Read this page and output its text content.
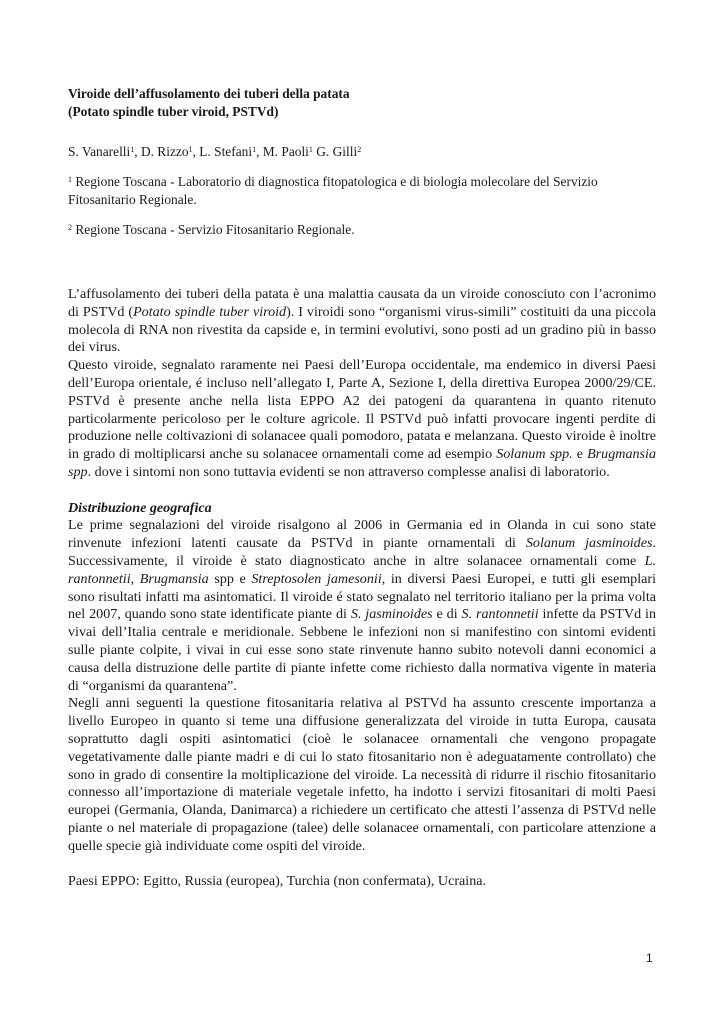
Viroide dell’affusolamento dei tuberi della patata
(Potato spindle tuber viroid, PSTVd)

S. Vanarelli$^1$, D. Rizzo$^1$, L. Stefani$^1$, M. Paoli$^1$ G. Gilli$^2$

$^1$ Regione Toscana - Laboratorio di diagnostica fitopatologica e di biologia molecolare del Servizio Fitosanitario Regionale.

$^2$ Regione Toscana - Servizio Fitosanitario Regionale.

L’affusolamento dei tuberi della patata è una malattia causata da un viroide conosciuto con l’acronimo di PSTVd (Potato spindle tuber viroid). I viroidi sono “organismi virus-simili” costituiti da una piccola molecola di RNA non rivestita da capside e, in termini evolutivi, sono posti ad un gradino più in basso dei virus.

Questo viroide, segnalato raramente nei Paesi dell’Europa occidentale, ma endemico in diversi Paesi dell’Europa orientale, é incluso nell’allegato I, Parte A, Sezione I, della direttiva Europea 2000/29/CE. PSTVd è presente anche nella lista EPPO A2 dei patogeni da quarantena in quanto ritenuto particolarmente pericoloso per le colture agricole. Il PSTVd può infatti provocare ingenti perdite di produzione nelle coltivazioni di solanacee quali pomodoro, patata e melanzana. Questo viroide è inoltre in grado di moltiplicarsi anche su solanacee ornamentali come ad esempio Solanum spp. e Brugmansia spp. dove i sintomi non sono tuttavia evidenti se non attraverso complesse analisi di laboratorio.

Distribuzione geografica

Le prime segnalazioni del viroide risalgono al 2006 in Germania ed in Olanda in cui sono state rinvenute infezioni latenti causate da PSTVd in piante ornamentali di Solanum jasminoides. Successivamente, il viroide è stato diagnosticato anche in altre solanacee ornamentali come L. rantonnetii, Brugmansia spp e Streptosolen jamesonii, in diversi Paesi Europei, e tutti gli esemplari sono risultati infatti ma asintomatici. Il viroide é stato segnalato nel territorio italiano per la prima volta nel 2007, quando sono state identificate piante di S. jasminoides e di S. rantonnetii infette da PSTVd in vivai dell’Italia centrale e meridionale. Sebbene le infezioni non si manifestino con sintomi evidenti sulle piante colpite, i vivai in cui esse sono state rinvenute hanno subito notevoli danni economici a causa della distruzione delle partite di piante infette come richiesto dalla normativa vigente in materia di “organismi da quarantena”.

Negli anni seguenti la questione fitosanitaria relativa al PSTVd ha assunto crescente importanza a livello Europeo in quanto si teme una diffusione generalizzata del viroide in tutta Europa, causata soprattutto dagli ospiti asintomatici (cioè le solanacee ornamentali che vengono propagate vegetativamente dalle piante madri e di cui lo stato fitosanitario non è adeguatamente controllato) che sono in grado di consentire la moltiplicazione del viroide. La necessità di ridurre il rischio fitosanitario connesso all’importazione di materiale vegetale infetto, ha indotto i servizi fitosanitari di molti Paesi europei (Germania, Olanda, Danimarca) a richiedere un certificato che attesti l’assenza di PSTVd nelle piante o nel materiale di propagazione (talee) delle solanacee ornamentali, con particolare attenzione a quelle specie già individuate come ospiti del viroide.

Paesi EPPO: Egitto, Russia (europea), Turchia (non confermata), Ucraina.

1
